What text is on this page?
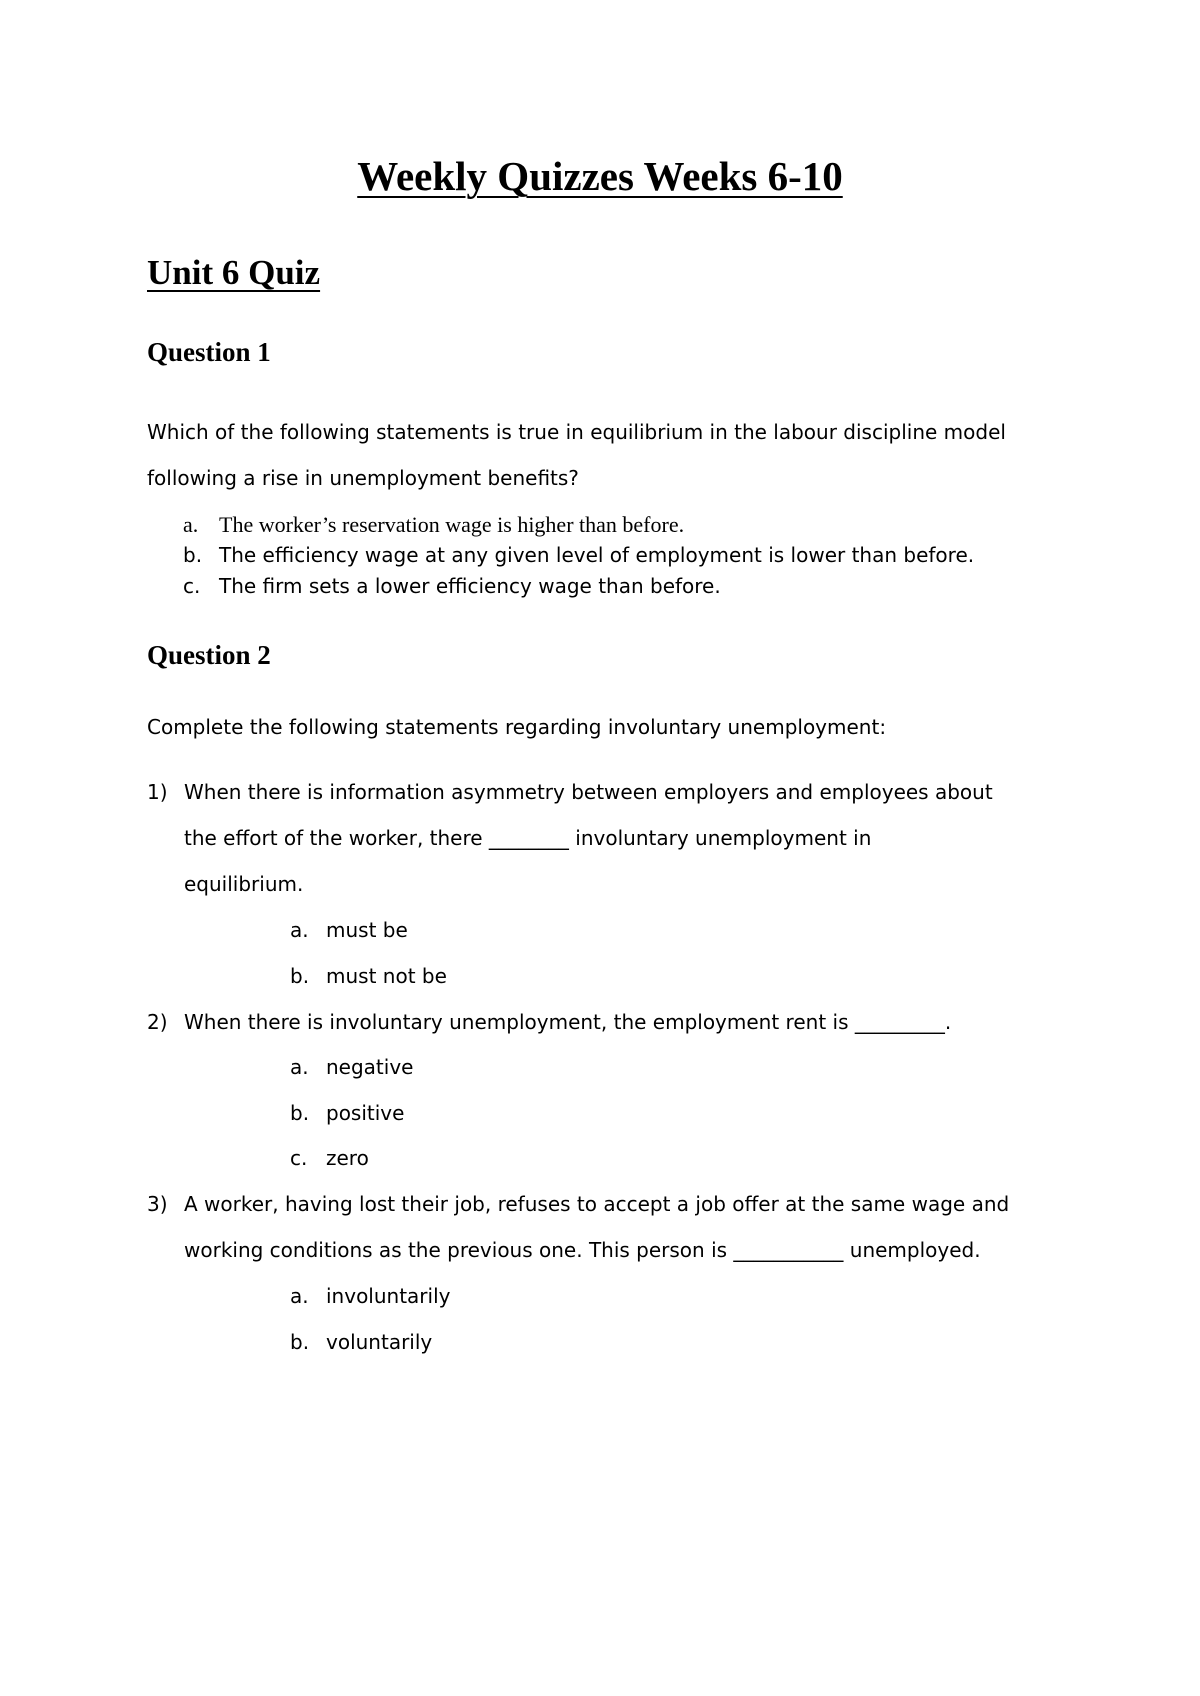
Weekly Quizzes Weeks 6-10
Unit 6 Quiz
Question 1
Which of the following statements is true in equilibrium in the labour discipline model
following a rise in unemployment benefits?
a. The worker’s reservation wage is higher than before.
b. The efficiency wage at any given level of employment is lower than before.
c. The firm sets a lower efficiency wage than before.
Question 2
Complete the following statements regarding involuntary unemployment:
1) When there is information asymmetry between employers and employees about
the effort of the worker, there ________ involuntary unemployment in
equilibrium.
a. must be
b. must not be
2) When there is involuntary unemployment, the employment rent is _________.
a. negative
b. positive
c. zero
3) A worker, having lost their job, refuses to accept a job offer at the same wage and
working conditions as the previous one. This person is ___________ unemployed.
a. involuntarily
b. voluntarily
